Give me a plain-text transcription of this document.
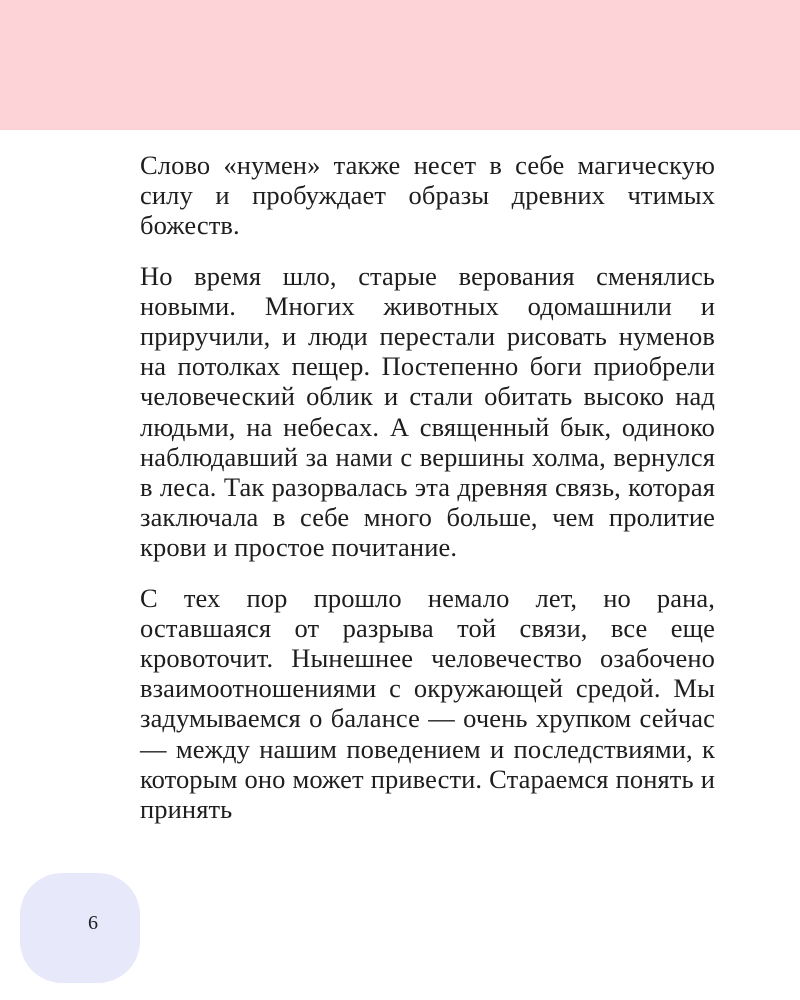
Слово «нумен» также несет в себе магическую силу и пробуждает образы древних чтимых божеств.

Но время шло, старые верования сменялись новыми. Многих животных одомашнили и приручили, и люди перестали рисовать нуменов на потолках пещер. Постепенно боги приобрели человеческий облик и стали обитать высоко над людьми, на небесах. А священный бык, одиноко наблюдавший за нами с вершины холма, вернулся в леса. Так разорвалась эта древняя связь, которая заключала в себе много больше, чем пролитие крови и простое почитание.

С тех пор прошло немало лет, но рана, оставшаяся от разрыва той связи, все еще кровоточит. Нынешнее человечество озабочено взаимоотношениями с окружающей средой. Мы задумываемся о балансе — очень хрупком сейчас — между нашим поведением и последствиями, к которым оно может привести. Стараемся понять и принять

6
